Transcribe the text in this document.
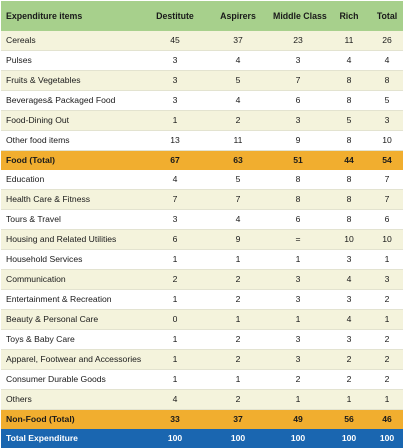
Expenditure items	Destitute	Aspirers	Middle Class	Rich	Total
Cereals	45	37	23	11	26
Pulses	3	4	3	4	4
Fruits & Vegetables	3	5	7	8	8
Beverages& Packaged Food	3	4	6	8	5
Food-Dining Out	1	2	3	5	3
Other food items	13	11	9	8	10
Food (Total)	67	63	51	44	54
Education	4	5	8	8	7
Health Care & Fitness	7	7	8	8	7
Tours & Travel	3	4	6	8	6
Housing and Related Utilities	6	9	=	10	10
Household Services	1	1	1	3	1
Communication	2	2	3	4	3
Entertainment & Recreation	1	2	3	3	2
Beauty & Personal Care	0	1	1	4	1
Toys & Baby Care	1	2	3	3	2
Apparel, Footwear and Accessories	1	2	3	2	2
Consumer Durable Goods	1	1	2	2	2
Others	4	2	1	1	1
Non-Food (Total)	33	37	49	56	46
Total Expenditure	100	100	100	100	100
